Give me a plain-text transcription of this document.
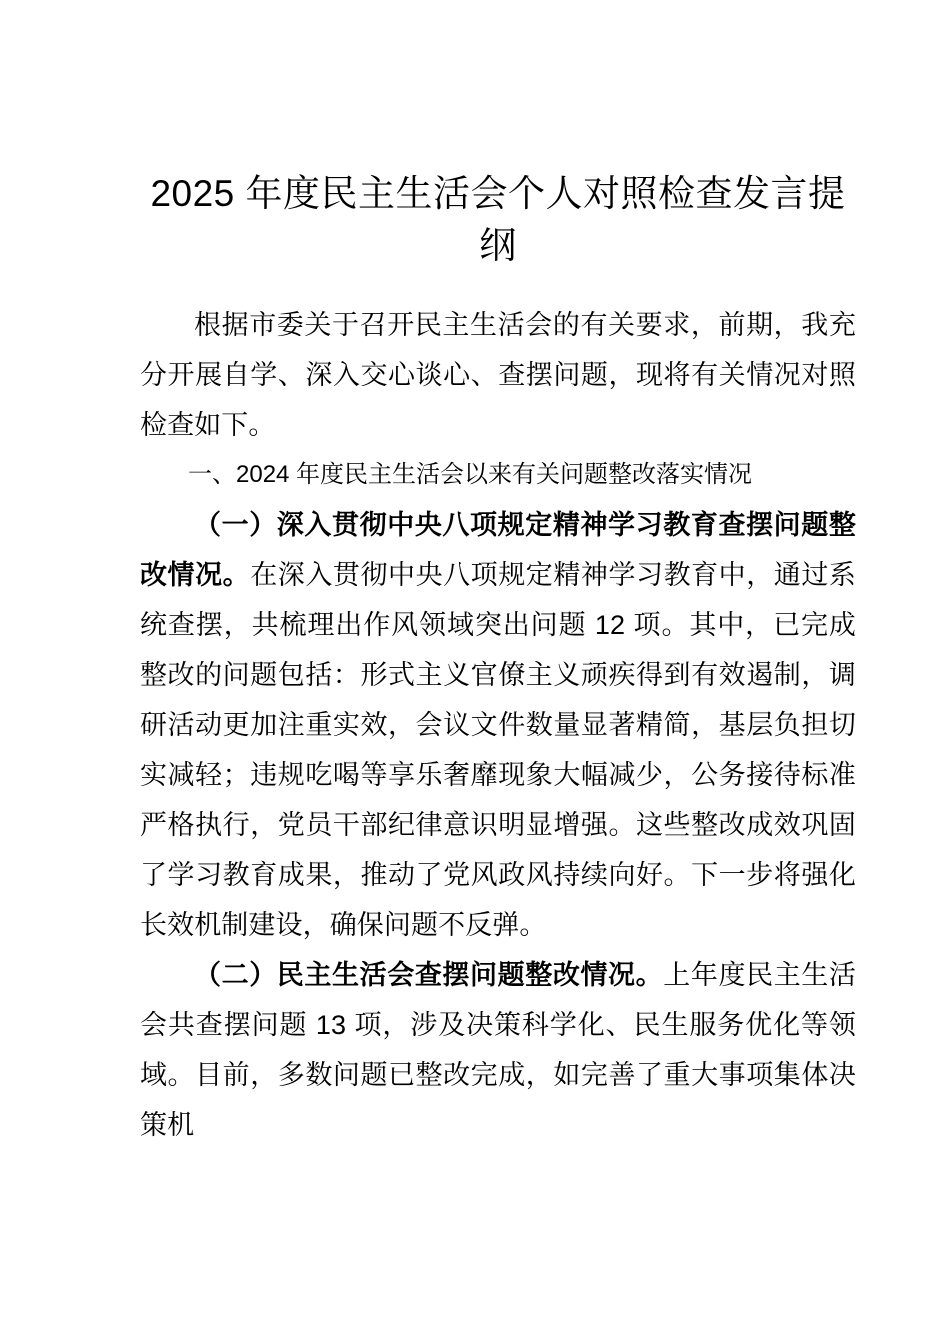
2025 年度民主生活会个人对照检查发言提纲

根据市委关于召开民主生活会的有关要求，前期，我充分开展自学、深入交心谈心、查摆问题，现将有关情况对照检查如下。

一、2024 年度民主生活会以来有关问题整改落实情况

（一）深入贯彻中央八项规定精神学习教育查摆问题整改情况。在深入贯彻中央八项规定精神学习教育中，通过系统查摆，共梳理出作风领域突出问题 12 项。其中，已完成整改的问题包括：形式主义官僚主义顽疾得到有效遏制，调研活动更加注重实效，会议文件数量显著精简，基层负担切实减轻；违规吃喝等享乐奢靡现象大幅减少，公务接待标准严格执行，党员干部纪律意识明显增强。这些整改成效巩固了学习教育成果，推动了党风政风持续向好。下一步将强化长效机制建设，确保问题不反弹。

（二）民主生活会查摆问题整改情况。上年度民主生活会共查摆问题 13 项，涉及决策科学化、民生服务优化等领域。目前，多数问题已整改完成，如完善了重大事项集体决策机
